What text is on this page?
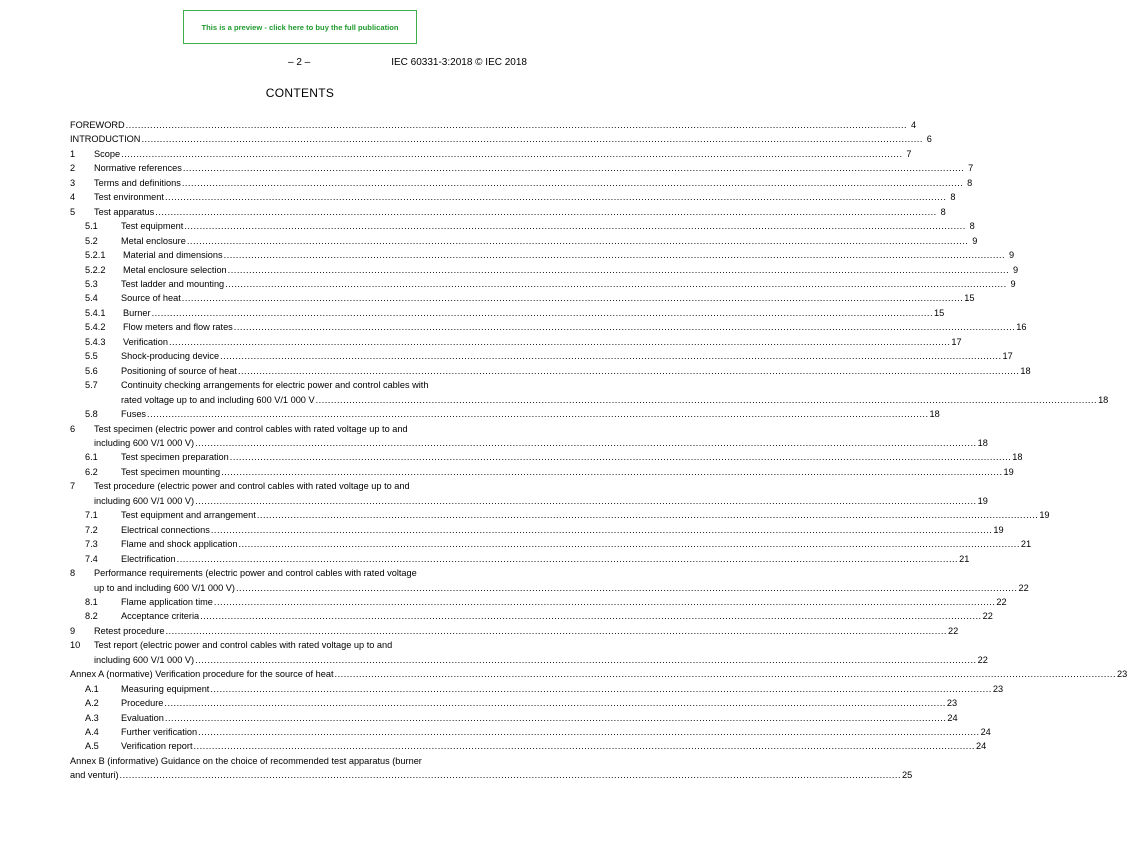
This is a preview - click here to buy the full publication
– 2 –	IEC 60331-3:2018 © IEC 2018
CONTENTS
FOREWORD .....	4
INTRODUCTION .....	6
1	Scope .....	7
2	Normative references .....	7
3	Terms and definitions .....	8
4	Test environment .....	8
5	Test apparatus .....	8
5.1	Test equipment .....	8
5.2	Metal enclosure .....	9
5.2.1	Material and dimensions .....	9
5.2.2	Metal enclosure selection .....	9
5.3	Test ladder and mounting .....	9
5.4	Source of heat .....	15
5.4.1	Burner .....	15
5.4.2	Flow meters and flow rates .....	16
5.4.3	Verification .....	17
5.5	Shock-producing device .....	17
5.6	Positioning of source of heat .....	18
5.7	Continuity checking arrangements for electric power and control cables with
rated voltage up to and including 600 V/1 000 V .....	18
5.8	Fuses .....	18
6	Test specimen (electric power and control cables with rated voltage up to and
including 600 V/1 000 V) .....	18
6.1	Test specimen preparation .....	18
6.2	Test specimen mounting .....	19
7	Test procedure (electric power and control cables with rated voltage up to and
including 600 V/1 000 V) .....	19
7.1	Test equipment and arrangement .....	19
7.2	Electrical connections .....	19
7.3	Flame and shock application .....	21
7.4	Electrification .....	21
8	Performance requirements (electric power and control cables with rated voltage
up to and including 600 V/1 000 V) .....	22
8.1	Flame application time .....	22
8.2	Acceptance criteria .....	22
9	Retest procedure .....	22
10	Test report (electric power and control cables with rated voltage up to and
including 600 V/1 000 V) .....	22
Annex A (normative) Verification procedure for the source of heat .....	23
A.1	Measuring equipment .....	23
A.2	Procedure .....	23
A.3	Evaluation .....	24
A.4	Further verification .....	24
A.5	Verification report .....	24
Annex B (informative) Guidance on the choice of recommended test apparatus (burner
and venturi) .....	25
